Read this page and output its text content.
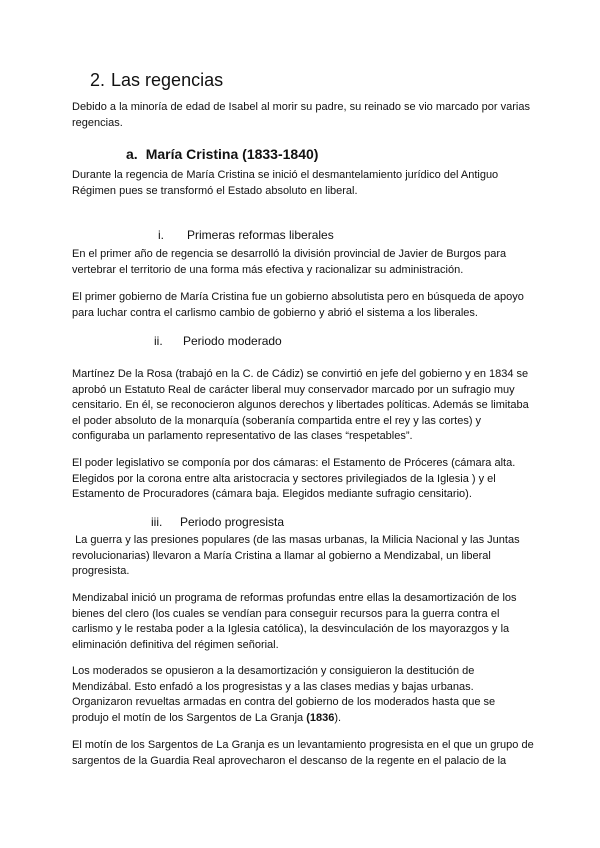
2. Las regencias

Debido a la minoría de edad de Isabel al morir su padre, su reinado se vio marcado por varias regencias.

a. María Cristina (1833-1840)

Durante la regencia de María Cristina se inició el desmantelamiento jurídico del Antiguo Régimen pues se transformó el Estado absoluto en liberal.

i. Primeras reformas liberales

En el primer año de regencia se desarrolló la división provincial de Javier de Burgos para vertebrar el territorio de una forma más efectiva y racionalizar su administración.

El primer gobierno de María Cristina fue un gobierno absolutista pero en búsqueda de apoyo para luchar contra el carlismo cambio de gobierno y abrió el sistema a los liberales.

ii. Periodo moderado

Martínez De la Rosa (trabajó en la C. de Cádiz) se convirtió en jefe del gobierno y en 1834 se aprobó un Estatuto Real de carácter liberal muy conservador marcado por un sufragio muy censitario. En él, se reconocieron algunos derechos y libertades políticas. Además se limitaba el poder absoluto de la monarquía (soberanía compartida entre el rey y las cortes) y configuraba un parlamento representativo de las clases “respetables”.

El poder legislativo se componía por dos cámaras: el Estamento de Próceres (cámara alta. Elegidos por la corona entre alta aristocracia y sectores privilegiados de la Iglesia ) y el Estamento de Procuradores (cámara baja. Elegidos mediante sufragio censitario).

iii. Periodo progresista

La guerra y las presiones populares (de las masas urbanas, la Milicia Nacional y las Juntas revolucionarias) llevaron a María Cristina a llamar al gobierno a Mendizabal, un liberal progresista.

Mendizabal inició un programa de reformas profundas entre ellas la desamortización de los bienes del clero (los cuales se vendían para conseguir recursos para la guerra contra el carlismo y le restaba poder a la Iglesia católica), la desvinculación de los mayorazgos y la eliminación definitiva del régimen señorial.

Los moderados se opusieron a la desamortización y consiguieron la destitución de Mendizábal. Esto enfadó a los progresistas y a las clases medias y bajas urbanas. Organizaron revueltas armadas en contra del gobierno de los moderados hasta que se produjo el motín de los Sargentos de La Granja (1836).

El motín de los Sargentos de La Granja es un levantamiento progresista en el que un grupo de sargentos de la Guardia Real aprovecharon el descanso de la regente en el palacio de la
